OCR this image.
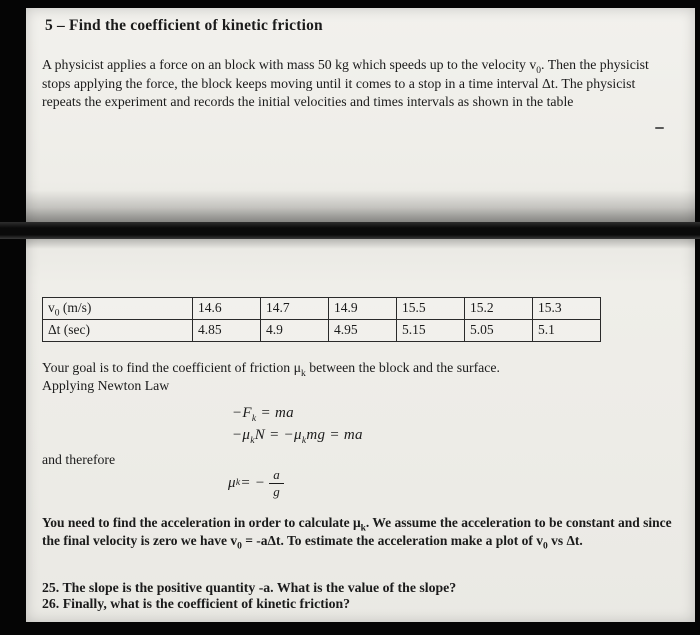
5 – Find the coefficient of kinetic friction

A physicist applies a force on an block with mass 50 kg which speeds up to the velocity $v_0$. Then the physicist stops applying the force, the block keeps moving until it comes to a stop in a time interval Δt. The physicist repeats the experiment and records the initial velocities and times intervals as shown in the table

$v_0$ (m/s)	14.6	14.7	14.9	15.5	15.2	15.3
Δt (sec)	4.85	4.9	4.95	5.15	5.05	5.1

Your goal is to find the coefficient of friction $\mu_k$ between the block and the surface.

Applying Newton Law

$-F_k$ = ma
$-\mu_kN = -\mu_kmg$ = ma

and therefore

μ k = − $\frac{a}{g}$

You need to find the acceleration in order to calculate $\mu_k$. We assume the acceleration to be constant and since the final velocity is zero we have $v_0 = -a\Delta t$. To estimate the acceleration make a plot of $v_0$ vs Δt.

25. The slope is the positive quantity -a. What is the value of the slope?

26. Finally, what is the coefficient of kinetic friction?
